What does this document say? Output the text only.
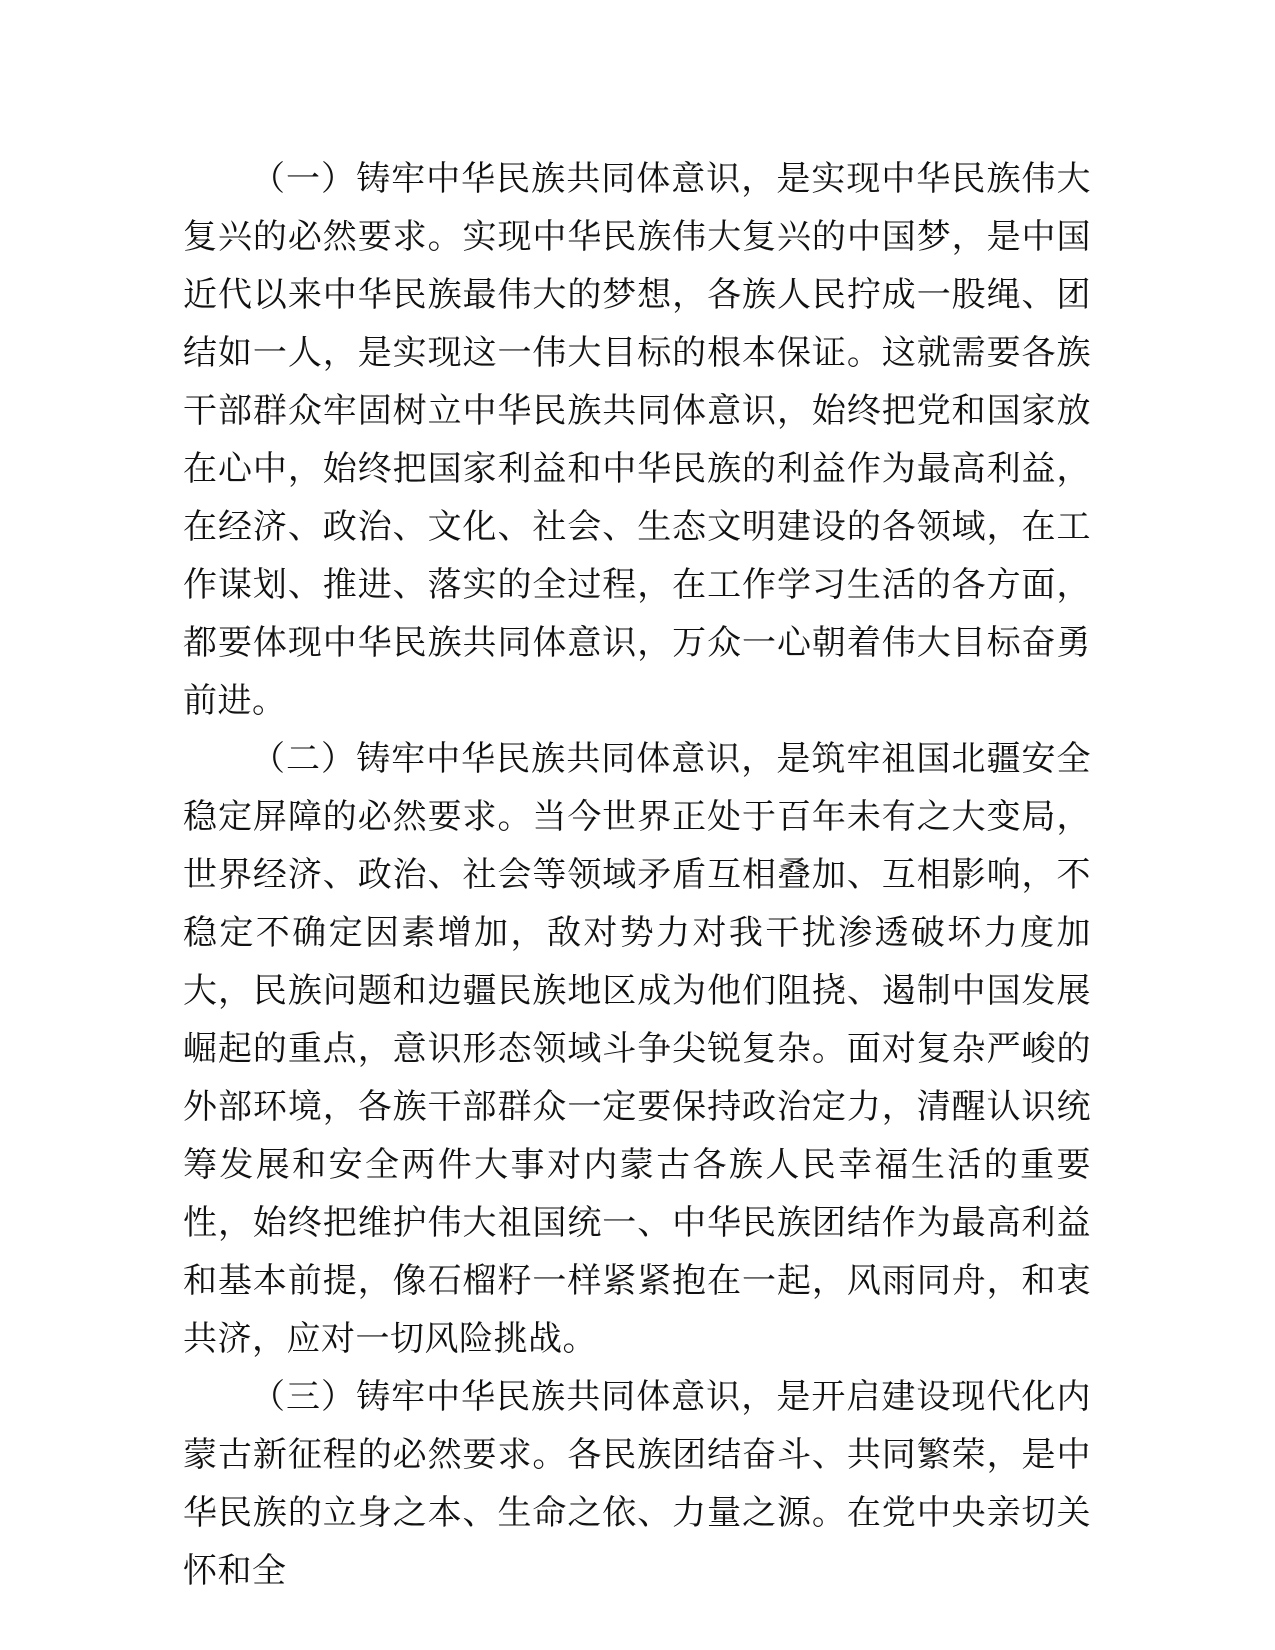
（一）铸牢中华民族共同体意识，是实现中华民族伟大复兴的必然要求。实现中华民族伟大复兴的中国梦，是中国近代以来中华民族最伟大的梦想，各族人民拧成一股绳、团结如一人，是实现这一伟大目标的根本保证。这就需要各族干部群众牢固树立中华民族共同体意识，始终把党和国家放在心中，始终把国家利益和中华民族的利益作为最高利益，在经济、政治、文化、社会、生态文明建设的各领域，在工作谋划、推进、落实的全过程，在工作学习生活的各方面，都要体现中华民族共同体意识，万众一心朝着伟大目标奋勇前进。

（二）铸牢中华民族共同体意识，是筑牢祖国北疆安全稳定屏障的必然要求。当今世界正处于百年未有之大变局，世界经济、政治、社会等领域矛盾互相叠加、互相影响，不稳定不确定因素增加，敌对势力对我干扰渗透破坏力度加大，民族问题和边疆民族地区成为他们阻挠、遏制中国发展崛起的重点，意识形态领域斗争尖锐复杂。面对复杂严峻的外部环境，各族干部群众一定要保持政治定力，清醒认识统筹发展和安全两件大事对内蒙古各族人民幸福生活的重要性，始终把维护伟大祖国统一、中华民族团结作为最高利益和基本前提，像石榴籽一样紧紧抱在一起，风雨同舟，和衷共济，应对一切风险挑战。

（三）铸牢中华民族共同体意识，是开启建设现代化内蒙古新征程的必然要求。各民族团结奋斗、共同繁荣，是中华民族的立身之本、生命之依、力量之源。在党中央亲切关怀和全
